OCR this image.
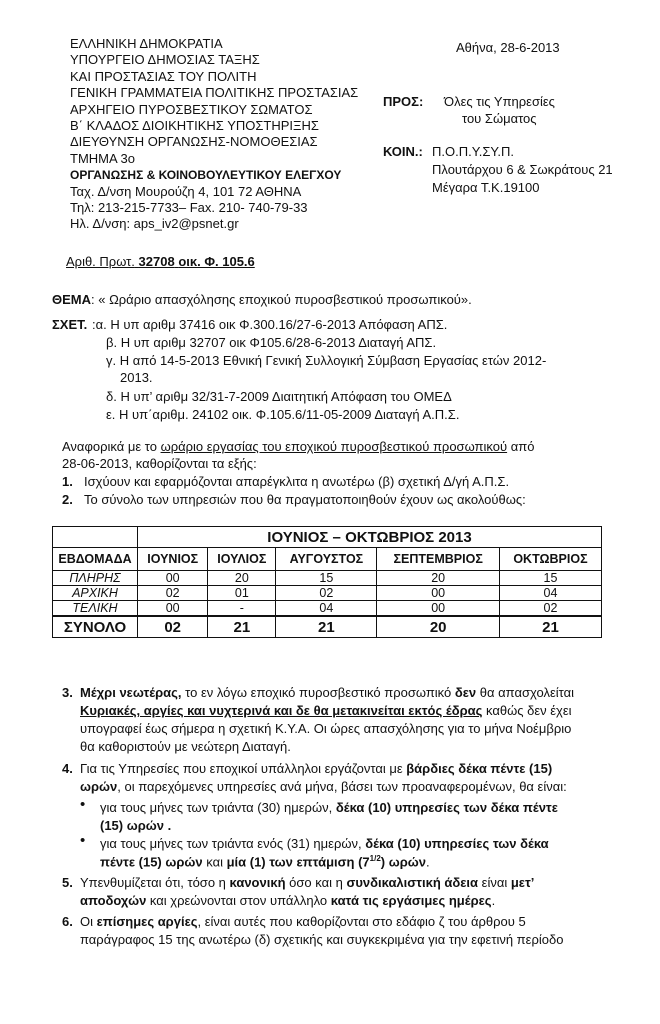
ΕΛΛΗΝΙΚΗ ΔΗΜΟΚΡΑΤΙΑ
ΥΠΟΥΡΓΕΙΟ ΔΗΜΟΣΙΑΣ ΤΑΞΗΣ
ΚΑΙ ΠΡΟΣΤΑΣΙΑΣ ΤΟΥ ΠΟΛΙΤΗ
ΓΕΝΙΚΗ ΓΡΑΜΜΑΤΕΙΑ ΠΟΛΙΤΙΚΗΣ ΠΡΟΣΤΑΣΙΑΣ
ΑΡΧΗΓΕΙΟ ΠΥΡΟΣΒΕΣΤΙΚΟΥ ΣΩΜΑΤΟΣ
Β΄ ΚΛΑΔΟΣ ΔΙΟΙΚΗΤΙΚΗΣ ΥΠΟΣΤΗΡΙΞΗΣ
ΔΙΕΥΘΥΝΣΗ ΟΡΓΑΝΩΣΗΣ-ΝΟΜΟΘΕΣΙΑΣ
ΤΜΗΜΑ 3ο
ΟΡΓΑΝΩΣΗΣ & ΚΟΙΝΟΒΟΥΛΕΥΤΙΚΟΥ ΕΛΕΓΧΟΥ
Ταχ. Δ/νση Μουρούζη 4, 101 72 ΑΘΗΝΑ
Τηλ: 213-215-7733– Fax. 210- 740-79-33
Ηλ. Δ/νση: aps_iv2@psnet.gr
Αθήνα, 28-6-2013
ΠΡΟΣ: Όλες τις Υπηρεσίες
του Σώματος
ΚΟΙΝ.: Π.Ο.Π.Υ.ΣΥ.Π.
Πλουτάρχου 6 & Σωκράτους 21
Μέγαρα Τ.Κ.19100
Αριθ. Πρωτ. 32708 οικ. Φ. 105.6
ΘΕΜΑ: « Ωράριο απασχόλησης εποχικού πυροσβεστικού προσωπικού».
ΣΧΕΤ. :α. Η υπ αριθμ 37416 οικ Φ.300.16/27-6-2013 Απόφαση ΑΠΣ.
β. Η υπ αριθμ 32707 οικ Φ105.6/28-6-2013 Διαταγή ΑΠΣ.
γ. Η από 14-5-2013 Εθνική Γενική Συλλογική Σύμβαση Εργασίας ετών 2012-
2013.
δ. Η υπ’ αριθμ 32/31-7-2009 Διαιτητική Απόφαση του ΟΜΕΔ
ε. Η υπ΄αριθμ. 24102 οικ. Φ.105.6/11-05-2009 Διαταγή Α.Π.Σ.
Αναφορικά με το ωράριο εργασίας του εποχικού πυροσβεστικού προσωπικού από
28-06-2013, καθορίζονται τα εξής:
1. Ισχύουν και εφαρμόζονται απαρέγκλιτα η ανωτέρω (β) σχετική Δ/γή Α.Π.Σ.
2. Το σύνολο των υπηρεσιών που θα πραγματοποιηθούν έχουν ως ακολούθως:
	ΙΟΥΝΙΟΣ – ΟΚΤΩΒΡΙΟΣ 2013				
ΕΒΔΟΜΑΔΑ	ΙΟΥΝΙΟΣ	ΙΟΥΛΙΟΣ	ΑΥΓΟΥΣΤΟΣ	ΣΕΠΤΕΜΒΡΙΟΣ	ΟΚΤΩΒΡΙΟΣ
ΠΛΗΡΗΣ	00	20	15	20	15
ΑΡΧΙΚΗ	02	01	02	00	04
ΤΕΛΙΚΗ	00	-	04	00	02
ΣΥΝΟΛΟ	02	21	21	20	21
3. Μέχρι νεωτέρας, το εν λόγω εποχικό πυροσβεστικό προσωπικό δεν θα απασχολείται
Κυριακές, αργίες και νυχτερινά και δε θα μετακινείται εκτός έδρας καθώς δεν έχει
υπογραφεί έως σήμερα η σχετική Κ.Υ.Α. Οι ώρες απασχόλησης για το μήνα Νοέμβριο
θα καθοριστούν με νεώτερη Διαταγή.
4. Για τις Υπηρεσίες που εποχικοί υπάλληλοι εργάζονται με βάρδιες δέκα πέντε (15)
ωρών, οι παρεχόμενες υπηρεσίες ανά μήνα, βάσει των προαναφερομένων, θα είναι:
• για τους μήνες των τριάντα (30) ημερών, δέκα (10) υπηρεσίες των δέκα πέντε
(15) ωρών .
• για τους μήνες των τριάντα ενός (31) ημερών, δέκα (10) υπηρεσίες των δέκα
πέντε (15) ωρών και μία (1) των επτάμιση $(7^{1/2})$ ωρών.
5. Υπενθυμίζεται ότι, τόσο η κανονική όσο και η συνδικαλιστική άδεια είναι μετ’
αποδοχών και χρεώνονται στον υπάλληλο κατά τις εργάσιμες ημέρες.
6. Οι επίσημες αργίες, είναι αυτές που καθορίζονται στο εδάφιο ζ του άρθρου 5
παράγραφος 15 της ανωτέρω (δ) σχετικής και συγκεκριμένα για την εφετινή περίοδο
